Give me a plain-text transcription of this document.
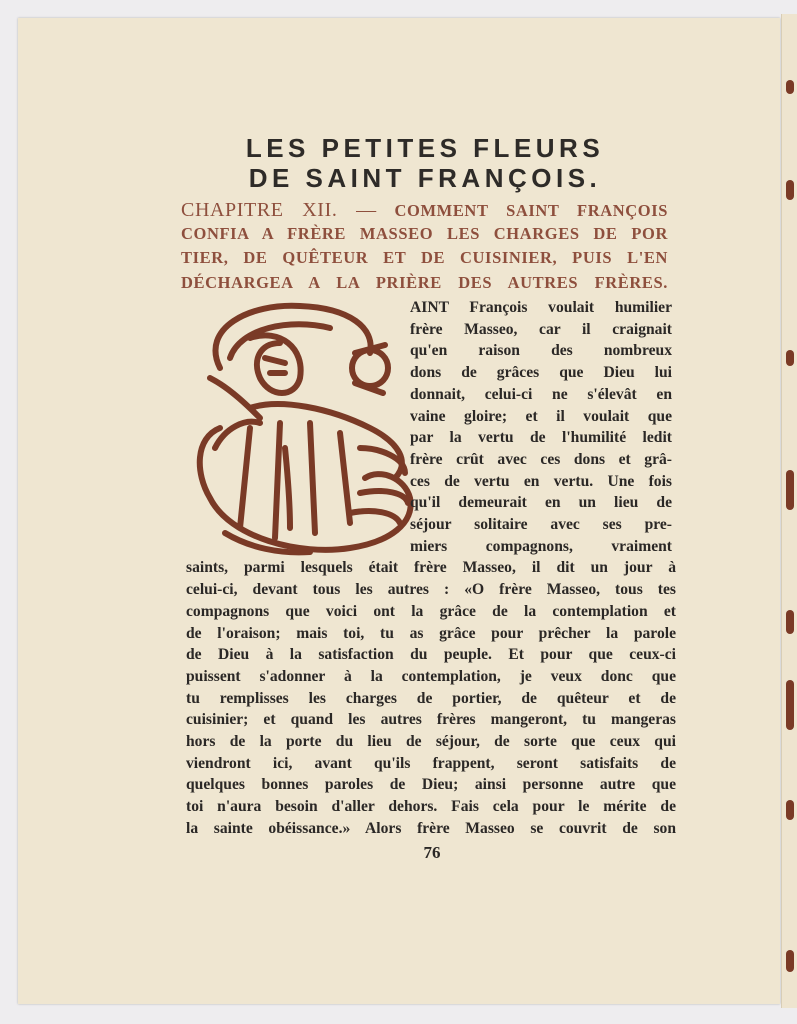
LES PETITES FLEURS
DE SAINT FRANÇOIS.
CHAPITRE XII. — COMMENT SAINT FRANÇOIS
CONFIA A FRÈRE MASSEO LES CHARGES DE POR
TIER, DE QUÊTEUR ET DE CUISINIER, PUIS L'EN
DÉCHARGEA A LA PRIÈRE DES AUTRES FRÈRES.
AINT François voulait humilier
frère Masseo, car il craignait
qu'en raison des nombreux
dons de grâces que Dieu lui
donnait, celui-ci ne s'élevât en
vaine gloire; et il voulait que
par la vertu de l'humilité ledit
frère crût avec ces dons et grâ-
ces de vertu en vertu. Une fois
qu'il demeurait en un lieu de
séjour solitaire avec ses pre-
miers compagnons, vraiment
saints, parmi lesquels était frère Masseo, il dit un jour à
celui-ci, devant tous les autres : «O frère Masseo, tous tes
compagnons que voici ont la grâce de la contemplation et
de l'oraison; mais toi, tu as grâce pour prêcher la parole
de Dieu à la satisfaction du peuple. Et pour que ceux-ci
puissent s'adonner à la contemplation, je veux donc que
tu remplisses les charges de portier, de quêteur et de
cuisinier; et quand les autres frères mangeront, tu mangeras
hors de la porte du lieu de séjour, de sorte que ceux qui
viendront ici, avant qu'ils frappent, seront satisfaits de
quelques bonnes paroles de Dieu; ainsi personne autre que
toi n'aura besoin d'aller dehors. Fais cela pour le mérite de
la sainte obéissance.» Alors frère Masseo se couvrit de son
76
